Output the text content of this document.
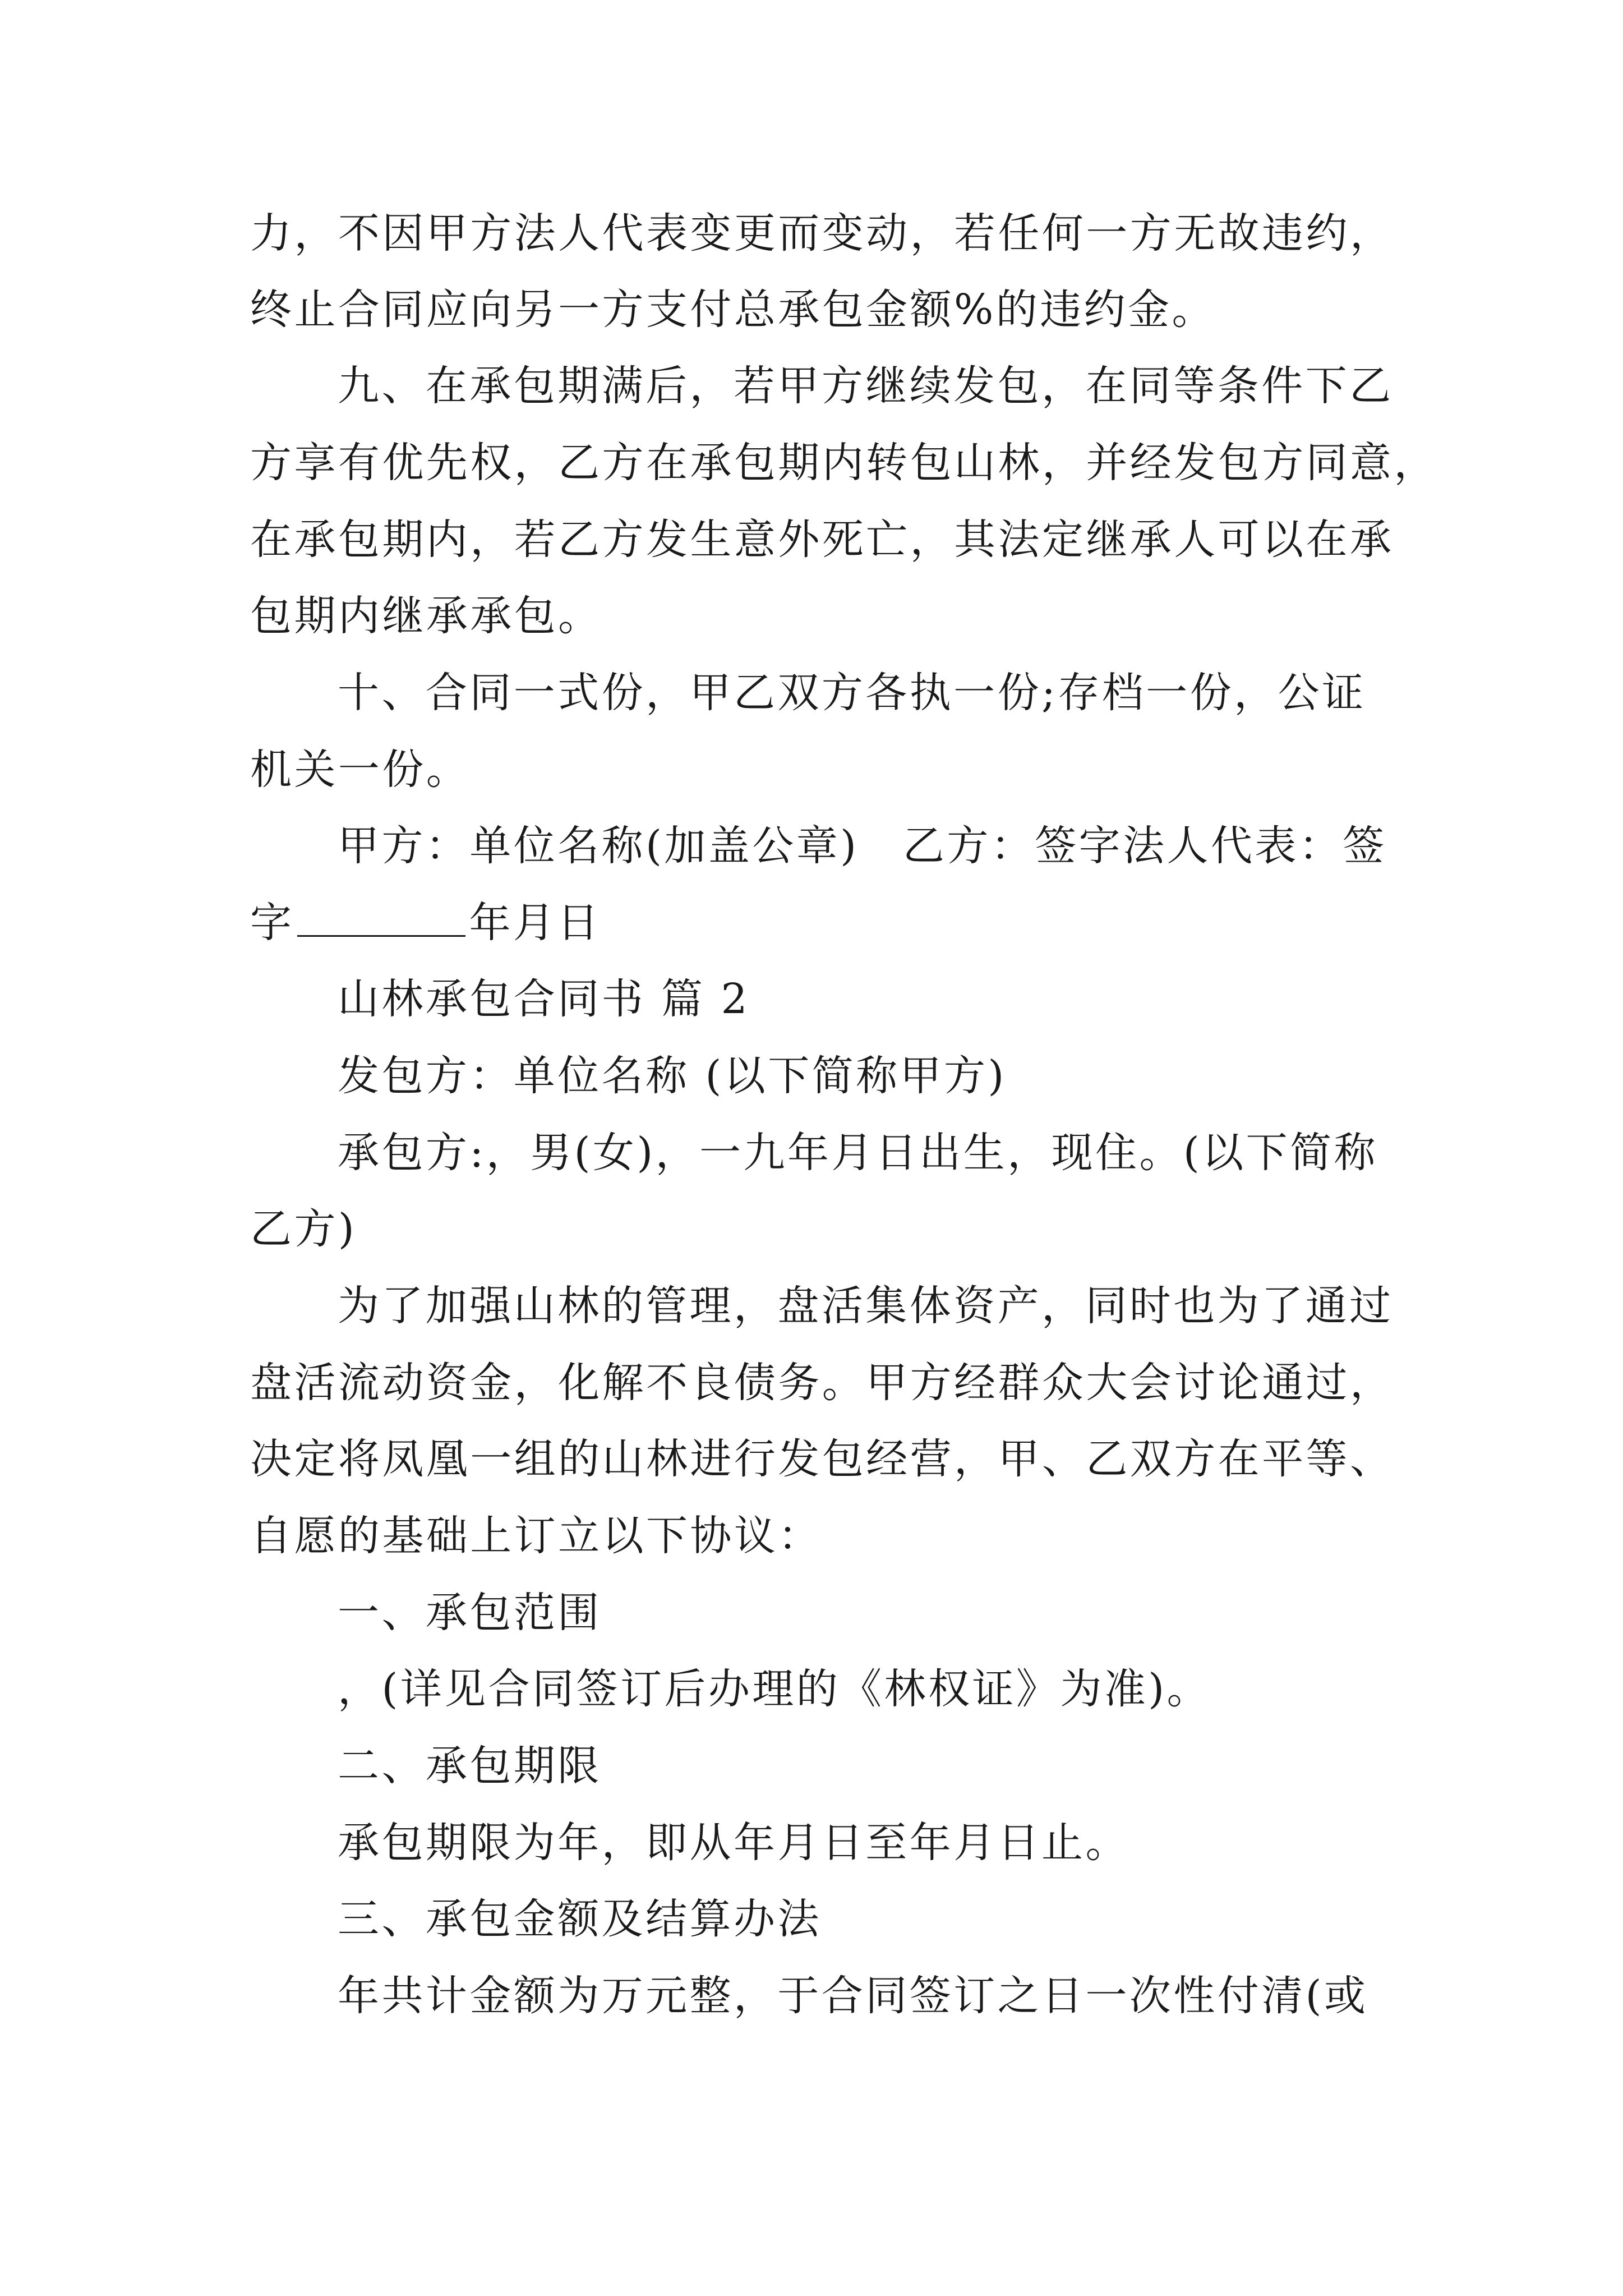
力，不因甲方法人代表变更而变动，若任何一方无故违约，
终止合同应向另一方支付总承包金额%的违约金。
九、在承包期满后，若甲方继续发包，在同等条件下乙
方享有优先权，乙方在承包期内转包山林，并经发包方同意，
在承包期内，若乙方发生意外死亡，其法定继承人可以在承
包期内继承承包。
十、合同一式份，甲乙双方各执一份;存档一份，公证
机关一份。
甲方：单位名称(加盖公章)　乙方：签字法人代表：签
字	年月日
山林承包合同书 篇 2
发包方：单位名称 (以下简称甲方)
承包方:，男(女)，一九年月日出生，现住。(以下简称
乙方)
为了加强山林的管理，盘活集体资产，同时也为了通过
盘活流动资金，化解不良债务。甲方经群众大会讨论通过，
决定将凤凰一组的山林进行发包经营，甲、乙双方在平等、
自愿的基础上订立以下协议：
一、承包范围
，(详见合同签订后办理的《林权证》为准)。
二、承包期限
承包期限为年，即从年月日至年月日止。
三、承包金额及结算办法
年共计金额为万元整，于合同签订之日一次性付清(或
